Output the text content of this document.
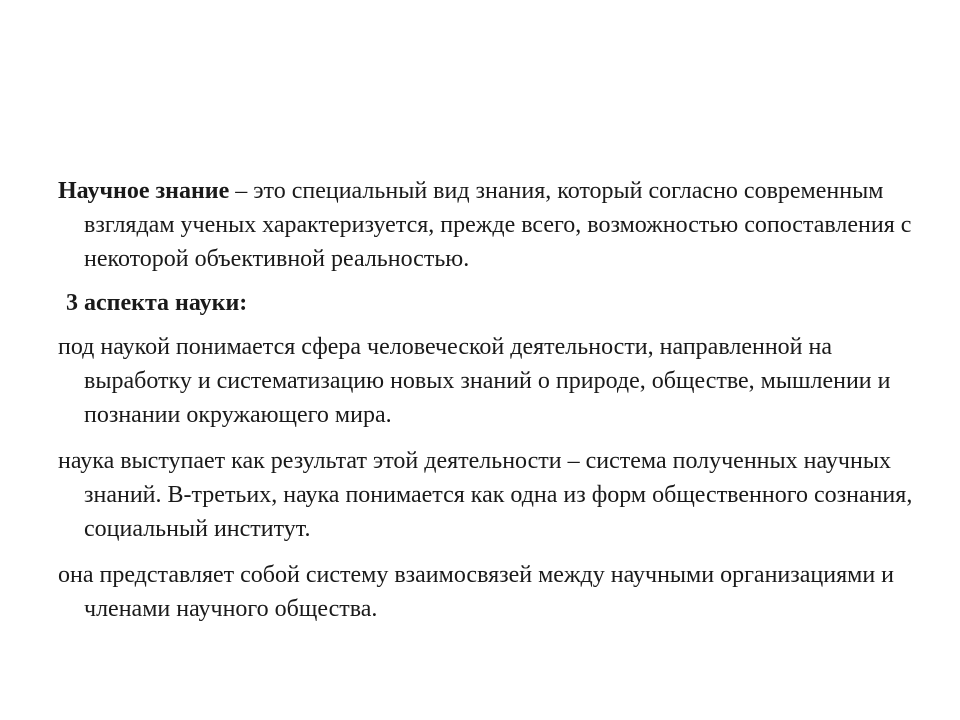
Научное знание – это специальный вид знания, который согласно современным взглядам ученых характеризуется, прежде всего, возможностью сопоставления с некоторой объективной реальностью.

3 аспекта науки:

под наукой понимается сфера человеческой деятельности, направленной на выработку и систематизацию новых знаний о природе, обществе, мышлении и познании окружающего мира.

наука выступает как результат этой деятельности – система полученных научных знаний. В-третьих, наука понимается как одна из форм общественного сознания, социальный институт.

она представляет собой систему взаимосвязей между научными организациями и членами научного общества.
